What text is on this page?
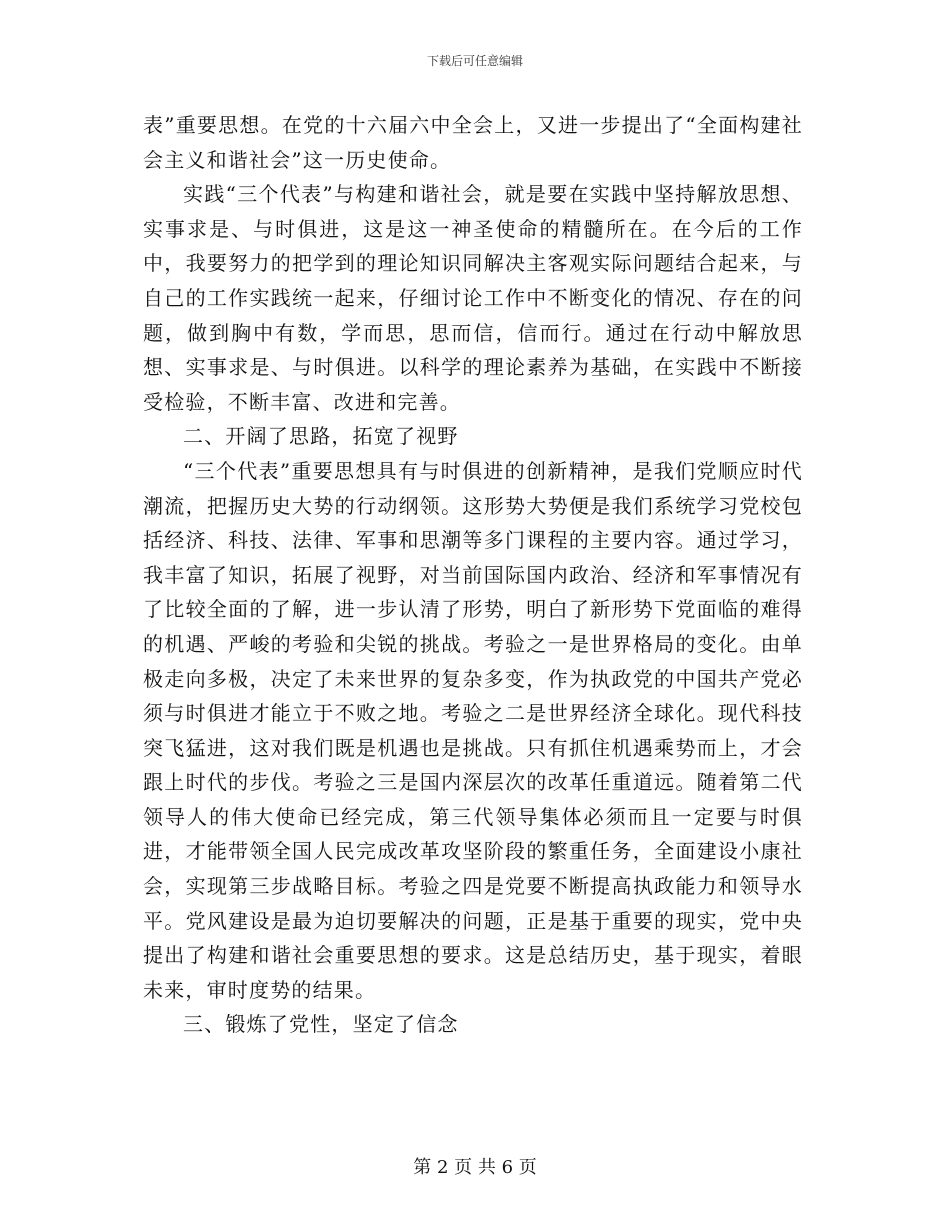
下载后可任意编辑

表”重要思想。在党的十六届六中全会上，又进一步提出了“全面构建社会主义和谐社会”这一历史使命。

实践“三个代表”与构建和谐社会，就是要在实践中坚持解放思想、实事求是、与时俱进，这是这一神圣使命的精髓所在。在今后的工作中，我要努力的把学到的理论知识同解决主客观实际问题结合起来，与自己的工作实践统一起来，仔细讨论工作中不断变化的情况、存在的问题，做到胸中有数，学而思，思而信，信而行。通过在行动中解放思想、实事求是、与时俱进。以科学的理论素养为基础，在实践中不断接受检验，不断丰富、改进和完善。

二、开阔了思路，拓宽了视野

“三个代表”重要思想具有与时俱进的创新精神，是我们党顺应时代潮流，把握历史大势的行动纲领。这形势大势便是我们系统学习党校包括经济、科技、法律、军事和思潮等多门课程的主要内容。通过学习，我丰富了知识，拓展了视野，对当前国际国内政治、经济和军事情况有了比较全面的了解，进一步认清了形势，明白了新形势下党面临的难得的机遇、严峻的考验和尖锐的挑战。考验之一是世界格局的变化。由单极走向多极，决定了未来世界的复杂多变，作为执政党的中国共产党必须与时俱进才能立于不败之地。考验之二是世界经济全球化。现代科技突飞猛进，这对我们既是机遇也是挑战。只有抓住机遇乘势而上，才会跟上时代的步伐。考验之三是国内深层次的改革任重道远。随着第二代领导人的伟大使命已经完成，第三代领导集体必须而且一定要与时俱进，才能带领全国人民完成改革攻坚阶段的繁重任务，全面建设小康社会，实现第三步战略目标。考验之四是党要不断提高执政能力和领导水平。党风建设是最为迫切要解决的问题，正是基于重要的现实，党中央提出了构建和谐社会重要思想的要求。这是总结历史，基于现实，着眼未来，审时度势的结果。

三、锻炼了党性，坚定了信念

第 2 页 共 6 页
